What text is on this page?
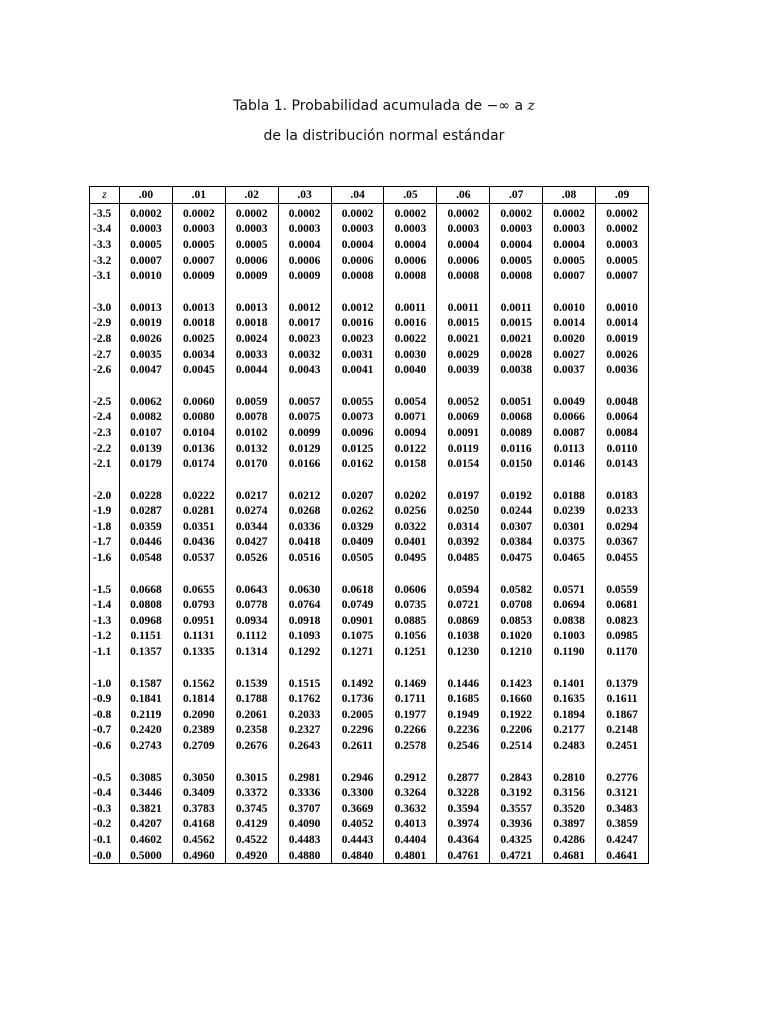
Tabla 1. Probabilidad acumulada de −∞ a z
de la distribución normal estándar
z	.00	.01	.02	.03	.04	.05	.06	.07	.08	.09
-3.5	0.0002	0.0002	0.0002	0.0002	0.0002	0.0002	0.0002	0.0002	0.0002	0.0002
-3.4	0.0003	0.0003	0.0003	0.0003	0.0003	0.0003	0.0003	0.0003	0.0003	0.0002
-3.3	0.0005	0.0005	0.0005	0.0004	0.0004	0.0004	0.0004	0.0004	0.0004	0.0003
-3.2	0.0007	0.0007	0.0006	0.0006	0.0006	0.0006	0.0006	0.0005	0.0005	0.0005
-3.1	0.0010	0.0009	0.0009	0.0009	0.0008	0.0008	0.0008	0.0008	0.0007	0.0007

-3.0	0.0013	0.0013	0.0013	0.0012	0.0012	0.0011	0.0011	0.0011	0.0010	0.0010
-2.9	0.0019	0.0018	0.0018	0.0017	0.0016	0.0016	0.0015	0.0015	0.0014	0.0014
-2.8	0.0026	0.0025	0.0024	0.0023	0.0023	0.0022	0.0021	0.0021	0.0020	0.0019
-2.7	0.0035	0.0034	0.0033	0.0032	0.0031	0.0030	0.0029	0.0028	0.0027	0.0026
-2.6	0.0047	0.0045	0.0044	0.0043	0.0041	0.0040	0.0039	0.0038	0.0037	0.0036

-2.5	0.0062	0.0060	0.0059	0.0057	0.0055	0.0054	0.0052	0.0051	0.0049	0.0048
-2.4	0.0082	0.0080	0.0078	0.0075	0.0073	0.0071	0.0069	0.0068	0.0066	0.0064
-2.3	0.0107	0.0104	0.0102	0.0099	0.0096	0.0094	0.0091	0.0089	0.0087	0.0084
-2.2	0.0139	0.0136	0.0132	0.0129	0.0125	0.0122	0.0119	0.0116	0.0113	0.0110
-2.1	0.0179	0.0174	0.0170	0.0166	0.0162	0.0158	0.0154	0.0150	0.0146	0.0143

-2.0	0.0228	0.0222	0.0217	0.0212	0.0207	0.0202	0.0197	0.0192	0.0188	0.0183
-1.9	0.0287	0.0281	0.0274	0.0268	0.0262	0.0256	0.0250	0.0244	0.0239	0.0233
-1.8	0.0359	0.0351	0.0344	0.0336	0.0329	0.0322	0.0314	0.0307	0.0301	0.0294
-1.7	0.0446	0.0436	0.0427	0.0418	0.0409	0.0401	0.0392	0.0384	0.0375	0.0367
-1.6	0.0548	0.0537	0.0526	0.0516	0.0505	0.0495	0.0485	0.0475	0.0465	0.0455

-1.5	0.0668	0.0655	0.0643	0.0630	0.0618	0.0606	0.0594	0.0582	0.0571	0.0559
-1.4	0.0808	0.0793	0.0778	0.0764	0.0749	0.0735	0.0721	0.0708	0.0694	0.0681
-1.3	0.0968	0.0951	0.0934	0.0918	0.0901	0.0885	0.0869	0.0853	0.0838	0.0823
-1.2	0.1151	0.1131	0.1112	0.1093	0.1075	0.1056	0.1038	0.1020	0.1003	0.0985
-1.1	0.1357	0.1335	0.1314	0.1292	0.1271	0.1251	0.1230	0.1210	0.1190	0.1170

-1.0	0.1587	0.1562	0.1539	0.1515	0.1492	0.1469	0.1446	0.1423	0.1401	0.1379
-0.9	0.1841	0.1814	0.1788	0.1762	0.1736	0.1711	0.1685	0.1660	0.1635	0.1611
-0.8	0.2119	0.2090	0.2061	0.2033	0.2005	0.1977	0.1949	0.1922	0.1894	0.1867
-0.7	0.2420	0.2389	0.2358	0.2327	0.2296	0.2266	0.2236	0.2206	0.2177	0.2148
-0.6	0.2743	0.2709	0.2676	0.2643	0.2611	0.2578	0.2546	0.2514	0.2483	0.2451

-0.5	0.3085	0.3050	0.3015	0.2981	0.2946	0.2912	0.2877	0.2843	0.2810	0.2776
-0.4	0.3446	0.3409	0.3372	0.3336	0.3300	0.3264	0.3228	0.3192	0.3156	0.3121
-0.3	0.3821	0.3783	0.3745	0.3707	0.3669	0.3632	0.3594	0.3557	0.3520	0.3483
-0.2	0.4207	0.4168	0.4129	0.4090	0.4052	0.4013	0.3974	0.3936	0.3897	0.3859
-0.1	0.4602	0.4562	0.4522	0.4483	0.4443	0.4404	0.4364	0.4325	0.4286	0.4247
-0.0	0.5000	0.4960	0.4920	0.4880	0.4840	0.4801	0.4761	0.4721	0.4681	0.4641
